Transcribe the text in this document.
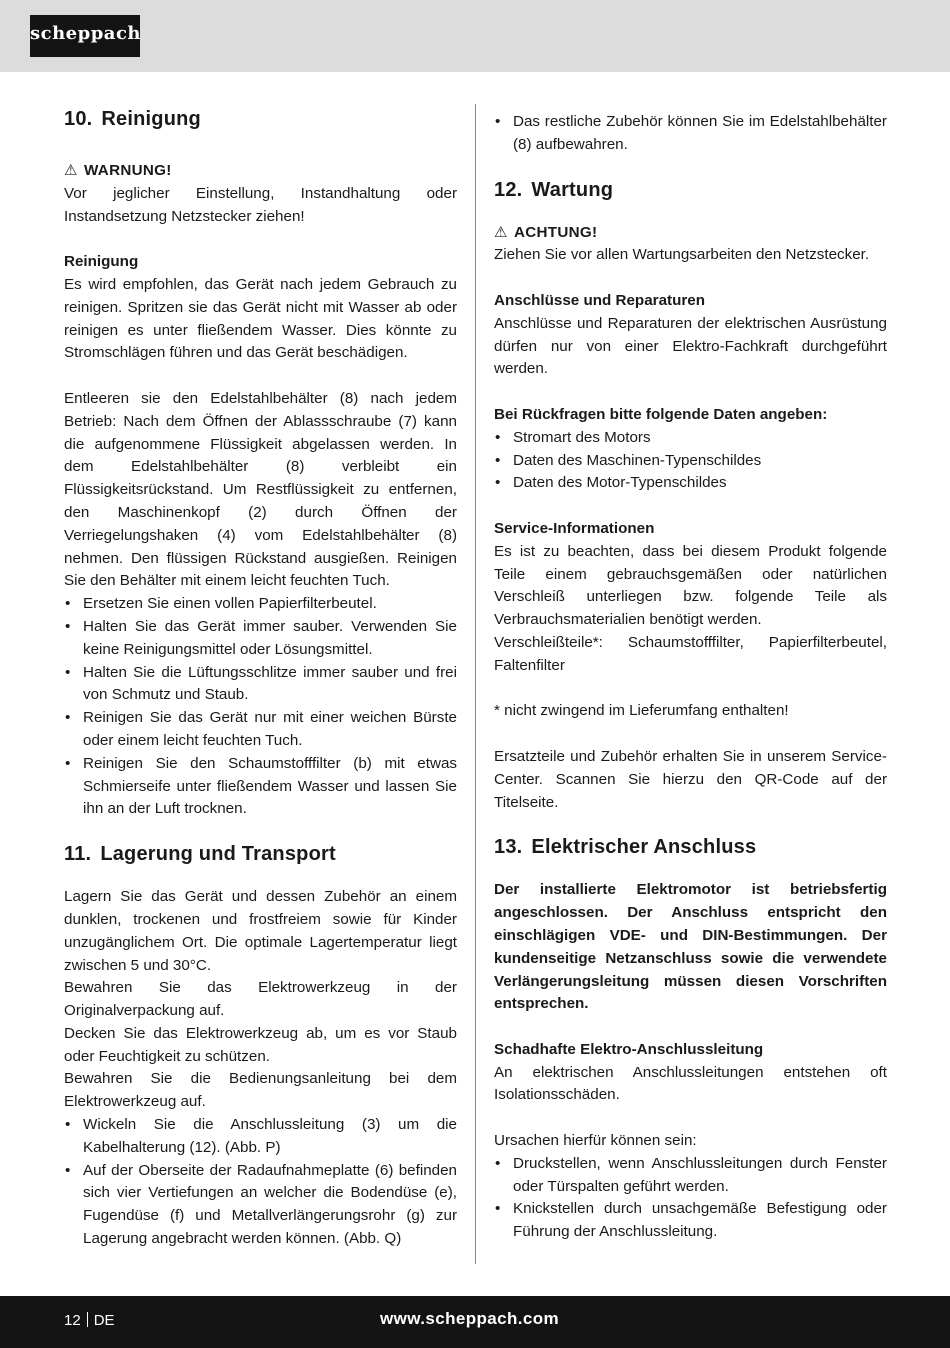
scheppach
10. Reinigung
⚠ WARNUNG!

Vor jeglicher Einstellung, Instandhaltung oder Instandsetzung Netzstecker ziehen!

Reinigung

Es wird empfohlen, das Gerät nach jedem Gebrauch zu reinigen. Spritzen sie das Gerät nicht mit Wasser ab oder reinigen es unter fließendem Wasser. Dies könnte zu Stromschlägen führen und das Gerät beschädigen.

Entleeren sie den Edelstahlbehälter (8) nach jedem Betrieb: Nach dem Öffnen der Ablassschraube (7) kann die aufgenommene Flüssigkeit abgelassen werden. In dem Edelstahlbehälter (8) verbleibt ein Flüssigkeitsrückstand. Um Restflüssigkeit zu entfernen, den Maschinenkopf (2) durch Öffnen der Verriegelungshaken (4) vom Edelstahlbehälter (8) nehmen. Den flüssigen Rückstand ausgießen. Reinigen Sie den Behälter mit einem leicht feuchten Tuch.

• Ersetzen Sie einen vollen Papierfilterbeutel.
• Halten Sie das Gerät immer sauber. Verwenden Sie keine Reinigungsmittel oder Lösungsmittel.
• Halten Sie die Lüftungsschlitze immer sauber und frei von Schmutz und Staub.
• Reinigen Sie das Gerät nur mit einer weichen Bürste oder einem leicht feuchten Tuch.
• Reinigen Sie den Schaumstofffilter (b) mit etwas Schmierseife unter fließendem Wasser und lassen Sie ihn an der Luft trocknen.
11. Lagerung und Transport

Lagern Sie das Gerät und dessen Zubehör an einem dunklen, trockenen und frostfreiem sowie für Kinder unzugänglichem Ort. Die optimale Lagertemperatur liegt zwischen 5 und 30°C.

Bewahren Sie das Elektrowerkzeug in der Originalverpackung auf.

Decken Sie das Elektrowerkzeug ab, um es vor Staub oder Feuchtigkeit zu schützen.

Bewahren Sie die Bedienungsanleitung bei dem Elektrowerkzeug auf.

• Wickeln Sie die Anschlussleitung (3) um die Kabelhalterung (12). (Abb. P)
• Auf der Oberseite der Radaufnahmeplatte (6) befinden sich vier Vertiefungen an welcher die Bodendüse (e), Fugendüse (f) und Metallverlängerungsrohr (g) zur Lagerung angebracht werden können. (Abb. Q)
• Das restliche Zubehör können Sie im Edelstahlbehälter (8) aufbewahren.
12. Wartung
⚠ ACHTUNG!

Ziehen Sie vor allen Wartungsarbeiten den Netzstecker.

Anschlüsse und Reparaturen

Anschlüsse und Reparaturen der elektrischen Ausrüstung dürfen nur von einer Elektro-Fachkraft durchgeführt werden.

Bei Rückfragen bitte folgende Daten angeben:

• Stromart des Motors
• Daten des Maschinen-Typenschildes
• Daten des Motor-Typenschildes

Service-Informationen

Es ist zu beachten, dass bei diesem Produkt folgende Teile einem gebrauchsgemäßen oder natürlichen Verschleiß unterliegen bzw. folgende Teile als Verbrauchsmaterialien benötigt werden.

Verschleißteile*: Schaumstofffilter, Papierfilterbeutel, Faltenfilter

* nicht zwingend im Lieferumfang enthalten!

Ersatzteile und Zubehör erhalten Sie in unserem Service-Center. Scannen Sie hierzu den QR-Code auf der Titelseite.

13. Elektrischer Anschluss

Der installierte Elektromotor ist betriebsfertig angeschlossen. Der Anschluss entspricht den einschlägigen VDE- und DIN-Bestimmungen. Der kundenseitige Netzanschluss sowie die verwendete Verlängerungsleitung müssen diesen Vorschriften entsprechen.

Schadhafte Elektro-Anschlussleitung

An elektrischen Anschlussleitungen entstehen oft Isolationsschäden.

Ursachen hierfür können sein:

• Druckstellen, wenn Anschlussleitungen durch Fenster oder Türspalten geführt werden.
• Knickstellen durch unsachgemäße Befestigung oder Führung der Anschlussleitung.
12 DE	www.scheppach.com
